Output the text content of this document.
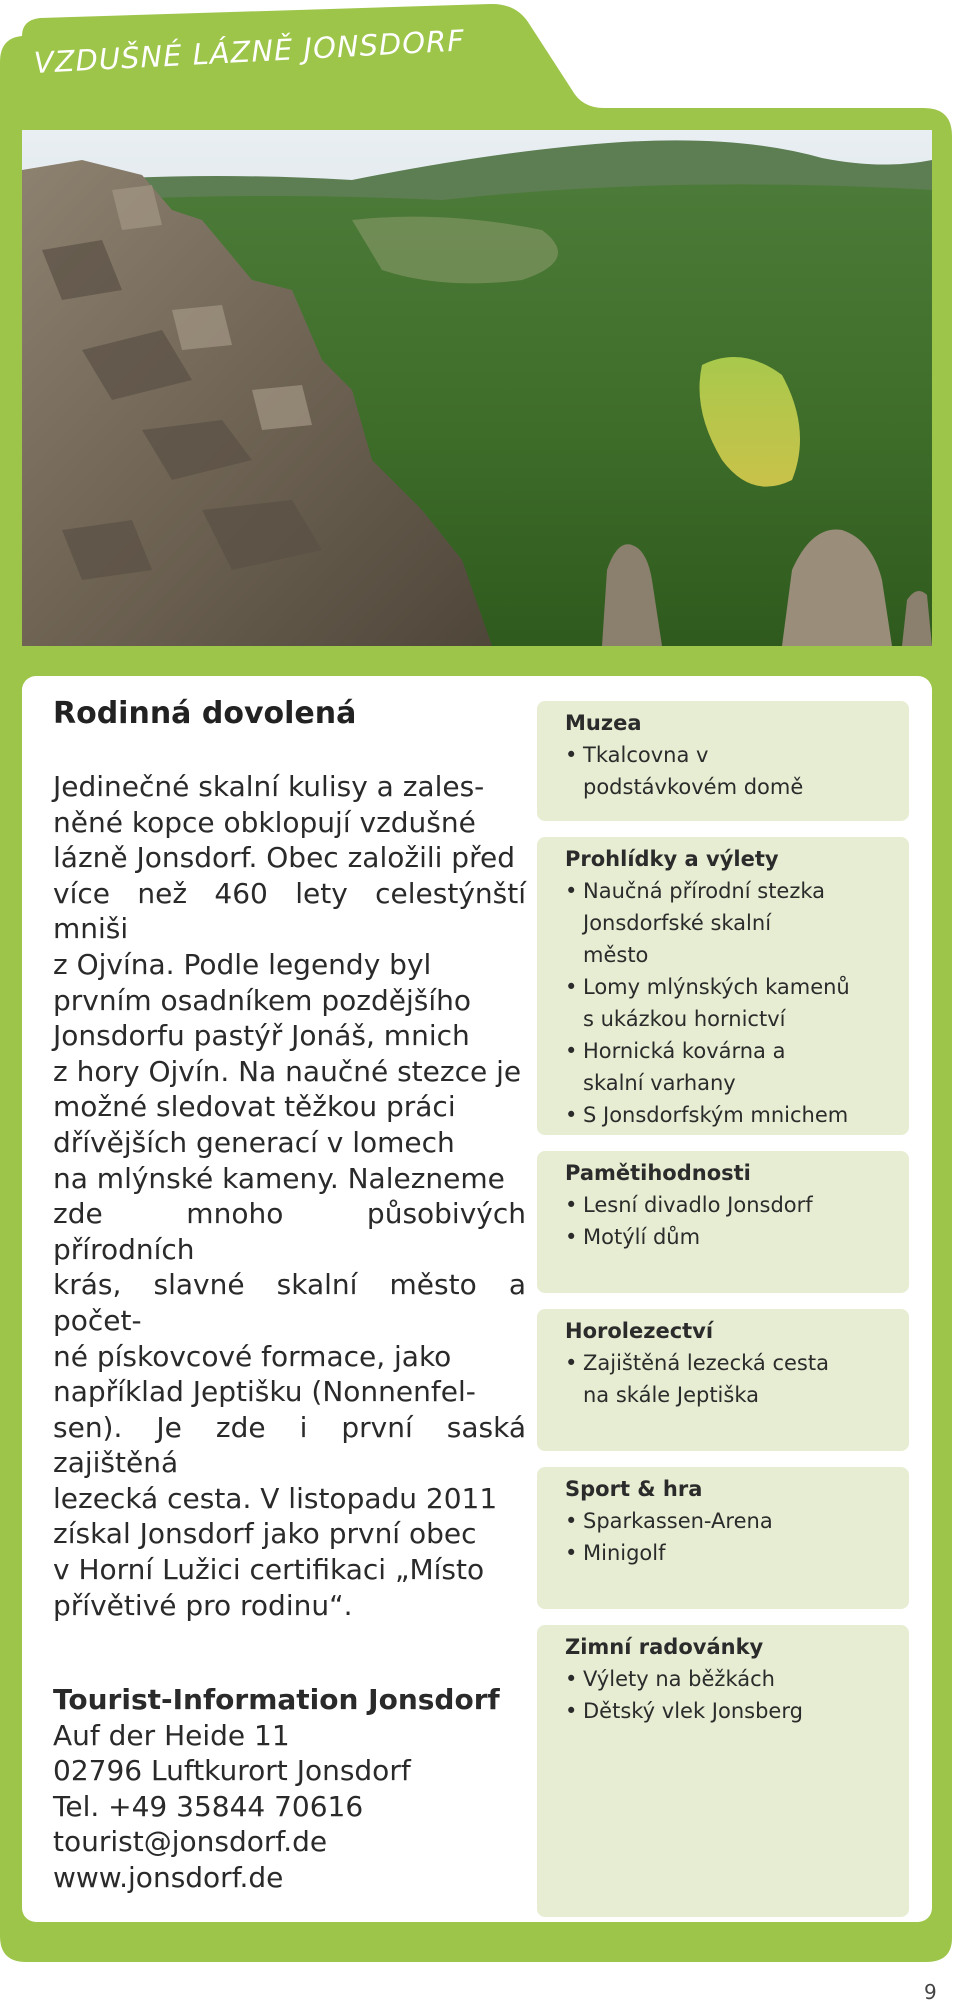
VZDUŠNÉ LÁZNĚ JONSDORF
Rodinná dovolená
Jedinečné skalní kulisy a zales-
něné kopce obklopují vzdušné
lázně Jonsdorf. Obec založili před
více než 460 lety celestýnští mniši
z Ojvína. Podle legendy byl
prvním osadníkem pozdějšího
Jonsdorfu pastýř Jonáš, mnich
z hory Ojvín. Na naučné stezce je
možné sledovat těžkou práci
dřívějších generací v lomech
na mlýnské kameny. Nalezneme
zde mnoho působivých přírodních
krás, slavné skalní město a počet-
né pískovcové formace, jako
například Jeptišku (Nonnenfel-
sen). Je zde i první saská zajištěná
lezecká cesta. V listopadu 2011
získal Jonsdorf jako první obec
v Horní Lužici certifikaci „Místo
přívětivé pro rodinu“.
Tourist-Information Jonsdorf
Auf der Heide 11
02796 Luftkurort Jonsdorf
Tel. +49 35844 70616
tourist@jonsdorf.de
www.jonsdorf.de
Muzea
• Tkalcovna v podstávkovém domě
Prohlídky a výlety
• Naučná přírodní stezka Jonsdorfské skalní město
• Lomy mlýnských kamenů s ukázkou hornictví
• Hornická kovárna a skalní varhany
• S Jonsdorfským mnichem
Pamětihodnosti
• Lesní divadlo Jonsdorf
• Motýlí dům
Horolezectví
• Zajištěná lezecká cesta na skále Jeptiška
Sport & hra
• Sparkassen-Arena
• Minigolf
Zimní radovánky
• Výlety na běžkách
• Dětský vlek Jonsberg
9
